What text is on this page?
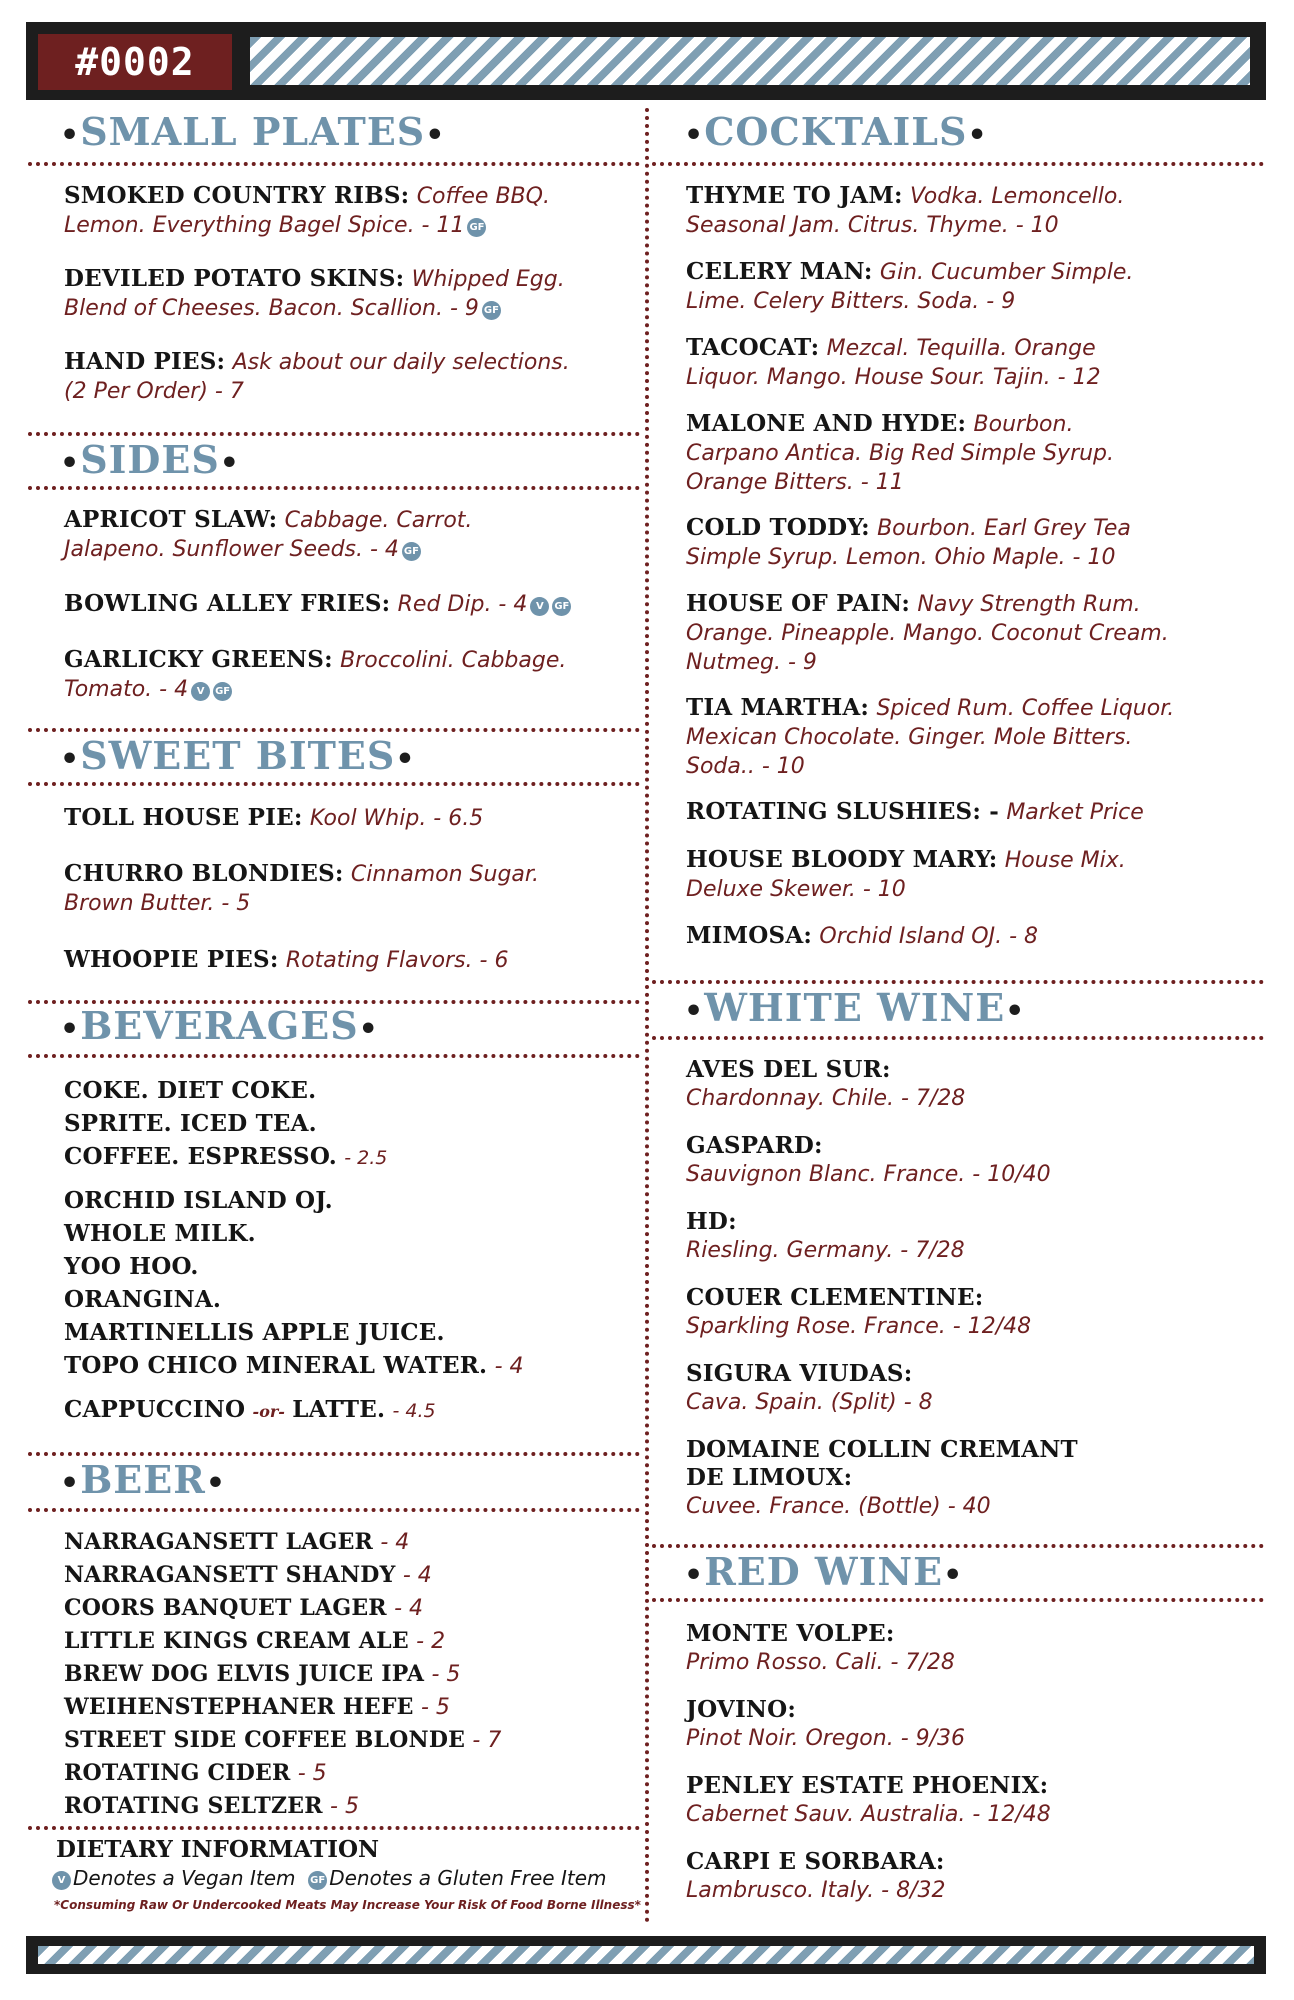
#0002
•SMALL PLATES•
SMOKED COUNTRY RIBS: Coffee BBQ.
Lemon. Everything Bagel Spice. - 11 GF
DEVILED POTATO SKINS: Whipped Egg.
Blend of Cheeses. Bacon. Scallion. - 9 GF
HAND PIES: Ask about our daily selections.
(2 Per Order) - 7
•SIDES•
APRICOT SLAW: Cabbage. Carrot.
Jalapeno. Sunflower Seeds. - 4 GF
BOWLING ALLEY FRIES: Red Dip. - 4 V GF
GARLICKY GREENS: Broccolini. Cabbage.
Tomato. - 4 V GF
•SWEET BITES•
TOLL HOUSE PIE: Kool Whip. - 6.5
CHURRO BLONDIES: Cinnamon Sugar.
Brown Butter. - 5
WHOOPIE PIES: Rotating Flavors. - 6
•BEVERAGES•
COKE. DIET COKE.
SPRITE. ICED TEA.
COFFEE. ESPRESSO. - 2.5
ORCHID ISLAND OJ.
WHOLE MILK.
YOO HOO.
ORANGINA.
MARTINELLIS APPLE JUICE.
TOPO CHICO MINERAL WATER. - 4
CAPPUCCINO -or- LATTE. - 4.5
•BEER•
NARRAGANSETT LAGER - 4
NARRAGANSETT SHANDY - 4
COORS BANQUET LAGER - 4
LITTLE KINGS CREAM ALE - 2
BREW DOG ELVIS JUICE IPA - 5
WEIHENSTEPHANER HEFE - 5
STREET SIDE COFFEE BLONDE - 7
ROTATING CIDER - 5
ROTATING SELTZER - 5
DIETARY INFORMATION
V Denotes a Vegan Item GF Denotes a Gluten Free Item
*Consuming Raw Or Undercooked Meats May Increase Your Risk Of Food Borne Illness*
•COCKTAILS•
THYME TO JAM: Vodka. Lemoncello.
Seasonal Jam. Citrus. Thyme. - 10
CELERY MAN: Gin. Cucumber Simple.
Lime. Celery Bitters. Soda. - 9
TACOCAT: Mezcal. Tequilla. Orange
Liquor. Mango. House Sour. Tajin. - 12
MALONE AND HYDE: Bourbon.
Carpano Antica. Big Red Simple Syrup.
Orange Bitters. - 11
COLD TODDY: Bourbon. Earl Grey Tea
Simple Syrup. Lemon. Ohio Maple. - 10
HOUSE OF PAIN: Navy Strength Rum.
Orange. Pineapple. Mango. Coconut Cream.
Nutmeg. - 9
TIA MARTHA: Spiced Rum. Coffee Liquor.
Mexican Chocolate. Ginger. Mole Bitters.
Soda.. - 10
ROTATING SLUSHIES: - Market Price
HOUSE BLOODY MARY: House Mix.
Deluxe Skewer. - 10
MIMOSA: Orchid Island OJ. - 8
•WHITE WINE•
AVES DEL SUR:
Chardonnay. Chile. - 7/28
GASPARD:
Sauvignon Blanc. France. - 10/40
HD:
Riesling. Germany. - 7/28
COUER CLEMENTINE:
Sparkling Rose. France. - 12/48
SIGURA VIUDAS:
Cava. Spain. (Split) - 8
DOMAINE COLLIN CREMANT
DE LIMOUX:
Cuvee. France. (Bottle) - 40
•RED WINE•
MONTE VOLPE:
Primo Rosso. Cali. - 7/28
JOVINO:
Pinot Noir. Oregon. - 9/36
PENLEY ESTATE PHOENIX:
Cabernet Sauv. Australia. - 12/48
CARPI E SORBARA:
Lambrusco. Italy. - 8/32
